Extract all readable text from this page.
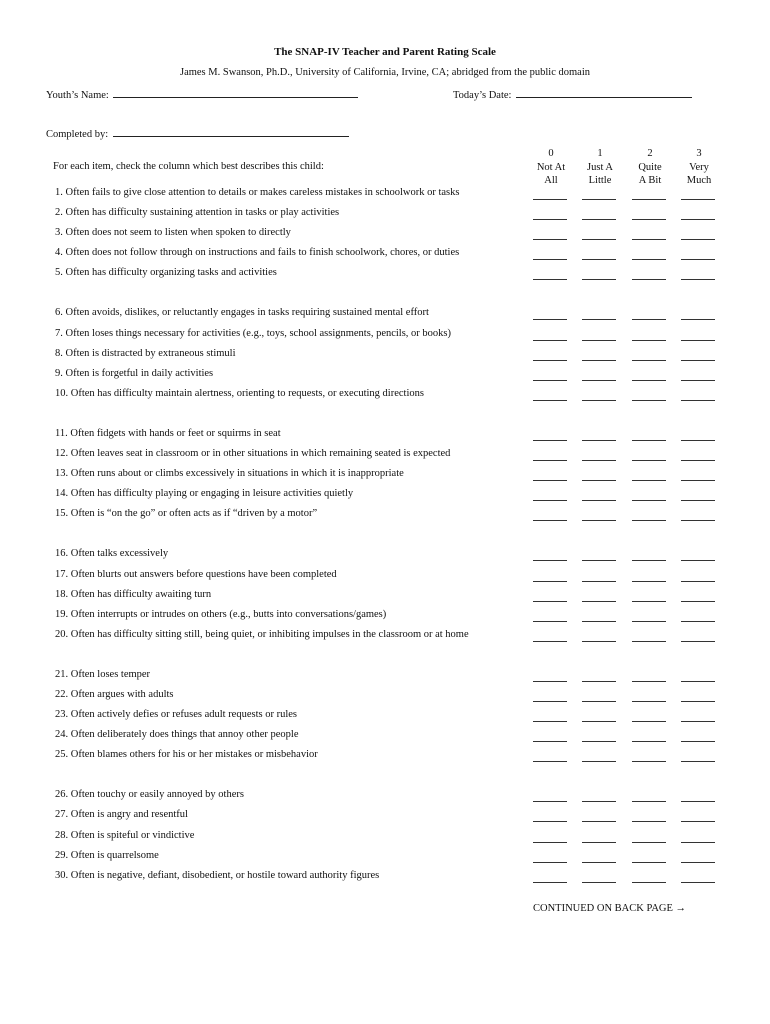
The SNAP-IV Teacher and Parent Rating Scale
James M. Swanson, Ph.D., University of California, Irvine, CA; abridged from the public domain
Youth’s Name:	Today’s Date:
Completed by:
For each item, check the column which best describes this child:
0
Not At
All
1
Just A
Little
2
Quite
A Bit
3
Very
Much
1. Often fails to give close attention to details or makes careless mistakes in schoolwork or tasks
2. Often has difficulty sustaining attention in tasks or play activities
3. Often does not seem to listen when spoken to directly
4. Often does not follow through on instructions and fails to finish schoolwork, chores, or duties
5. Often has difficulty organizing tasks and activities
6. Often avoids, dislikes, or reluctantly engages in tasks requiring sustained mental effort
7. Often loses things necessary for activities (e.g., toys, school assignments, pencils, or books)
8. Often is distracted by extraneous stimuli
9. Often is forgetful in daily activities
10. Often has difficulty maintain alertness, orienting to requests, or executing directions
11. Often fidgets with hands or feet or squirms in seat
12. Often leaves seat in classroom or in other situations in which remaining seated is expected
13. Often runs about or climbs excessively in situations in which it is inappropriate
14. Often has difficulty playing or engaging in leisure activities quietly
15. Often is “on the go” or often acts as if “driven by a motor”
16. Often talks excessively
17. Often blurts out answers before questions have been completed
18. Often has difficulty awaiting turn
19. Often interrupts or intrudes on others (e.g., butts into conversations/games)
20. Often has difficulty sitting still, being quiet, or inhibiting impulses in the classroom or at home
21. Often loses temper
22. Often argues with adults
23. Often actively defies or refuses adult requests or rules
24. Often deliberately does things that annoy other people
25. Often blames others for his or her mistakes or misbehavior
26. Often touchy or easily annoyed by others
27. Often is angry and resentful
28. Often is spiteful or vindictive
29. Often is quarrelsome
30. Often is negative, defiant, disobedient, or hostile toward authority figures
CONTINUED ON BACK PAGE →
